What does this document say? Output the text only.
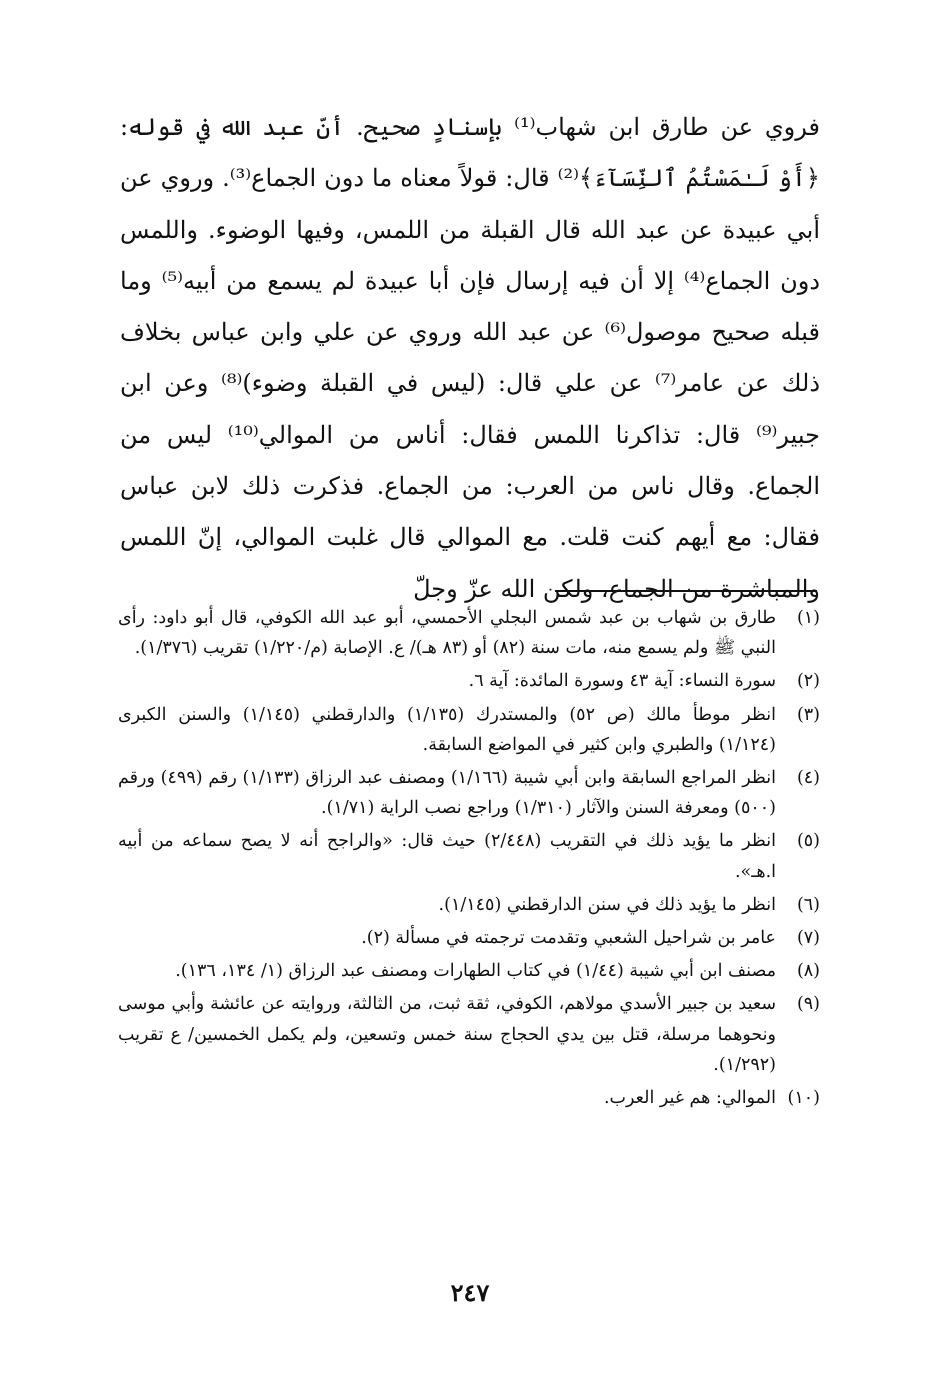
فروي عن طارق ابن شهاب⁽¹⁾ بإسنادٍ صحيح. أنّ عبد الله في قوله: ﴿أَوْ لَـٰمَسْتُمُ ٱلنِّسَآءَ﴾⁽²⁾ قال: قولاً معناه ما دون الجماع⁽³⁾. وروي عن أبي عبيدة عن عبد الله قال القبلة من اللمس، وفيها الوضوء. واللمس دون الجماع⁽⁴⁾ إلا أن فيه إرسال فإن أبا عبيدة لم يسمع من أبيه⁽⁵⁾ وما قبله صحيح موصول⁽⁶⁾ عن عبد الله وروي عن علي وابن عباس بخلاف ذلك عن عامر⁽⁷⁾ عن علي قال: (ليس في القبلة وضوء)⁽⁸⁾ وعن ابن جبير⁽⁹⁾ قال: تذاكرنا اللمس فقال: أناس من الموالي⁽¹⁰⁾ ليس من الجماع. وقال ناس من العرب: من الجماع. فذكرت ذلك لابن عباس فقال: مع أيهم كنت قلت. مع الموالي قال غلبت الموالي، إنّ اللمس والمباشرة من الجماع، ولكن الله عزّ وجلّ

(١)
طارق بن شهاب بن عبد شمس البجلي الأحمسي، أبو عبد الله الكوفي، قال أبو داود: رأى النبي ﷺ ولم يسمع منه، مات سنة (٨٢) أو (٨٣ هـ)/ ع. الإصابة (م/١/٢٢٠) تقريب (١/٣٧٦).
(٢)
سورة النساء: آية ٤٣ وسورة المائدة: آية ٦.
(٣)
انظر موطأ مالك (ص ٥٢) والمستدرك (١/١٣٥) والدارقطني (١/١٤٥) والسنن الكبرى (١/١٢٤) والطبري وابن كثير في المواضع السابقة.
(٤)
انظر المراجع السابقة وابن أبي شيبة (١/١٦٦) ومصنف عبد الرزاق (١/١٣٣) رقم (٤٩٩) ورقم (٥٠٠) ومعرفة السنن والآثار (١/٣١٠) وراجع نصب الراية (١/٧١).
(٥)
انظر ما يؤيد ذلك في التقريب (٢/٤٤٨) حيث قال: «والراجح أنه لا يصح سماعه من أبيه ا.هـ».
(٦)
انظر ما يؤيد ذلك في سنن الدارقطني (١/١٤٥).
(٧)
عامر بن شراحيل الشعبي وتقدمت ترجمته في مسألة (٢).
(٨)
مصنف ابن أبي شيبة (١/٤٤) في كتاب الطهارات ومصنف عبد الرزاق (١/ ١٣٤، ١٣٦).
(٩)
سعيد بن جبير الأسدي مولاهم، الكوفي، ثقة ثبت، من الثالثة، وروايته عن عائشة وأبي موسى ونحوهما مرسلة، قتل بين يدي الحجاج سنة خمس وتسعين، ولم يكمل الخمسين/ ع تقريب (١/٢٩٢).
(١٠)
الموالي: هم غير العرب.
٢٤٧
